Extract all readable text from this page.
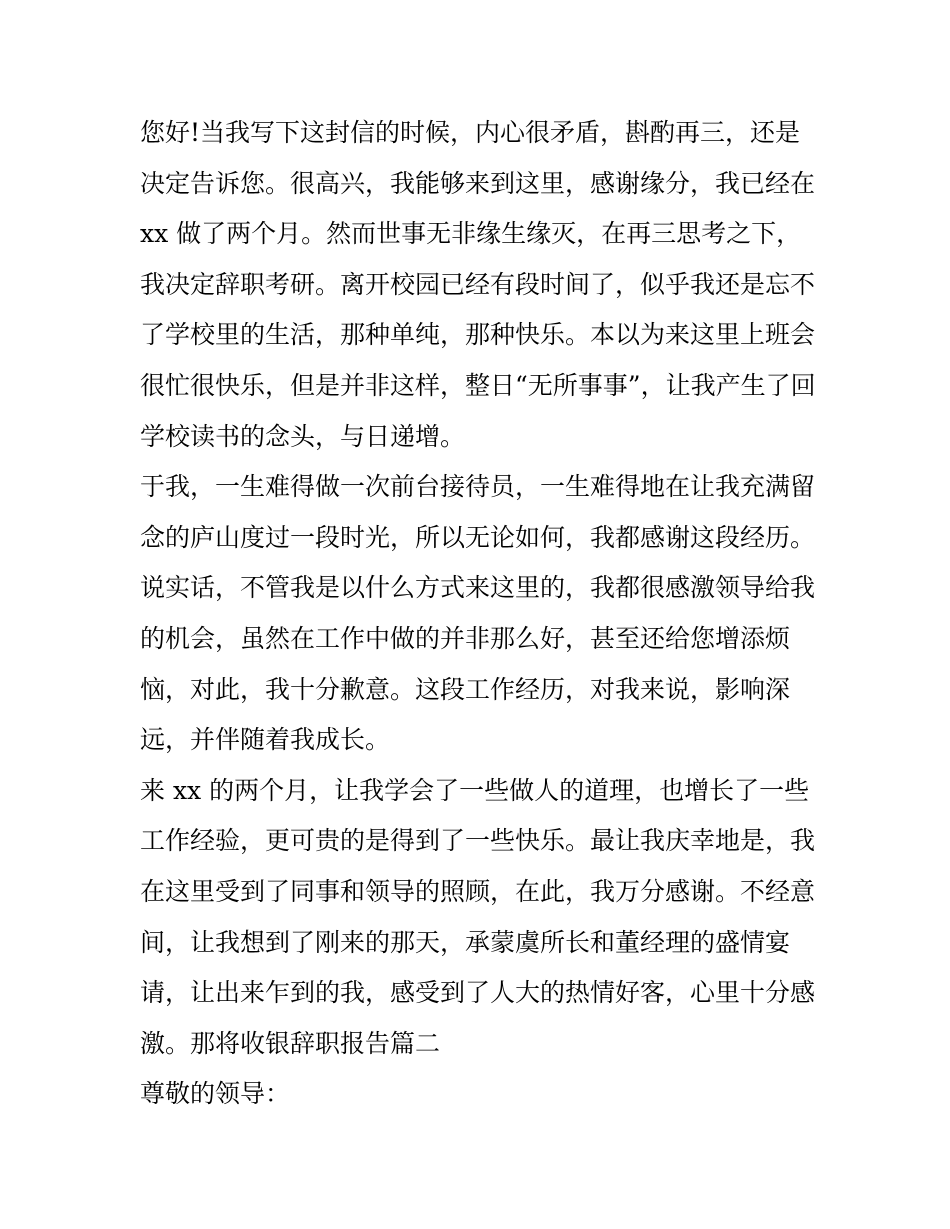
您好!当我写下这封信的时候，内心很矛盾，斟酌再三，还是
决定告诉您。很高兴，我能够来到这里，感谢缘分，我已经在
xx 做了两个月。然而世事无非缘生缘灭，在再三思考之下，
我决定辞职考研。离开校园已经有段时间了，似乎我还是忘不
了学校里的生活，那种单纯，那种快乐。本以为来这里上班会
很忙很快乐，但是并非这样，整日“无所事事”，让我产生了回
学校读书的念头，与日递增。
于我，一生难得做一次前台接待员，一生难得地在让我充满留
念的庐山度过一段时光，所以无论如何，我都感谢这段经历。
说实话，不管我是以什么方式来这里的，我都很感激领导给我
的机会，虽然在工作中做的并非那么好，甚至还给您增添烦
恼，对此，我十分歉意。这段工作经历，对我来说，影响深
远，并伴随着我成长。
来 xx 的两个月，让我学会了一些做人的道理，也增长了一些
工作经验，更可贵的是得到了一些快乐。最让我庆幸地是，我
在这里受到了同事和领导的照顾，在此，我万分感谢。不经意
间，让我想到了刚来的那天，承蒙虞所长和董经理的盛情宴
请，让出来乍到的我，感受到了人大的热情好客，心里十分感
激。那将收银辞职报告篇二
尊敬的领导：
